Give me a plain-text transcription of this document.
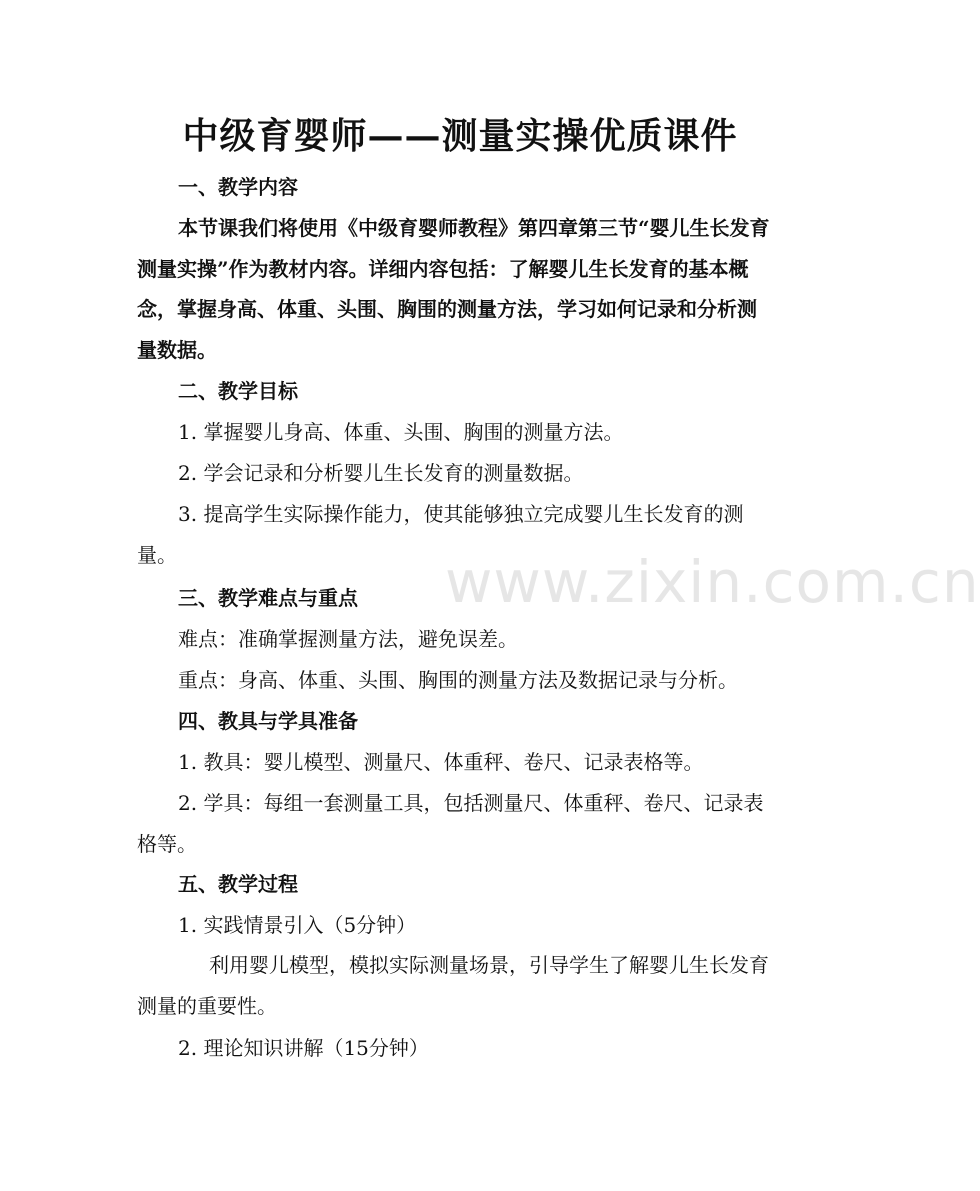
中级育婴师——测量实操优质课件
一、教学内容
本节课我们将使用《中级育婴师教程》第四章第三节“婴儿生长发育测量实操”作为教材内容。详细内容包括：了解婴儿生长发育的基本概念，掌握身高、体重、头围、胸围的测量方法，学习如何记录和分析测量数据。
二、教学目标
1. 掌握婴儿身高、体重、头围、胸围的测量方法。
2. 学会记录和分析婴儿生长发育的测量数据。
3. 提高学生实际操作能力，使其能够独立完成婴儿生长发育的测量。
三、教学难点与重点
难点：准确掌握测量方法，避免误差。
重点：身高、体重、头围、胸围的测量方法及数据记录与分析。
四、教具与学具准备
1. 教具：婴儿模型、测量尺、体重秤、卷尺、记录表格等。
2. 学具：每组一套测量工具，包括测量尺、体重秤、卷尺、记录表格等。
五、教学过程
1. 实践情景引入（5分钟）
利用婴儿模型，模拟实际测量场景，引导学生了解婴儿生长发育测量的重要性。
2. 理论知识讲解（15分钟）
www.zixin.com.cn
